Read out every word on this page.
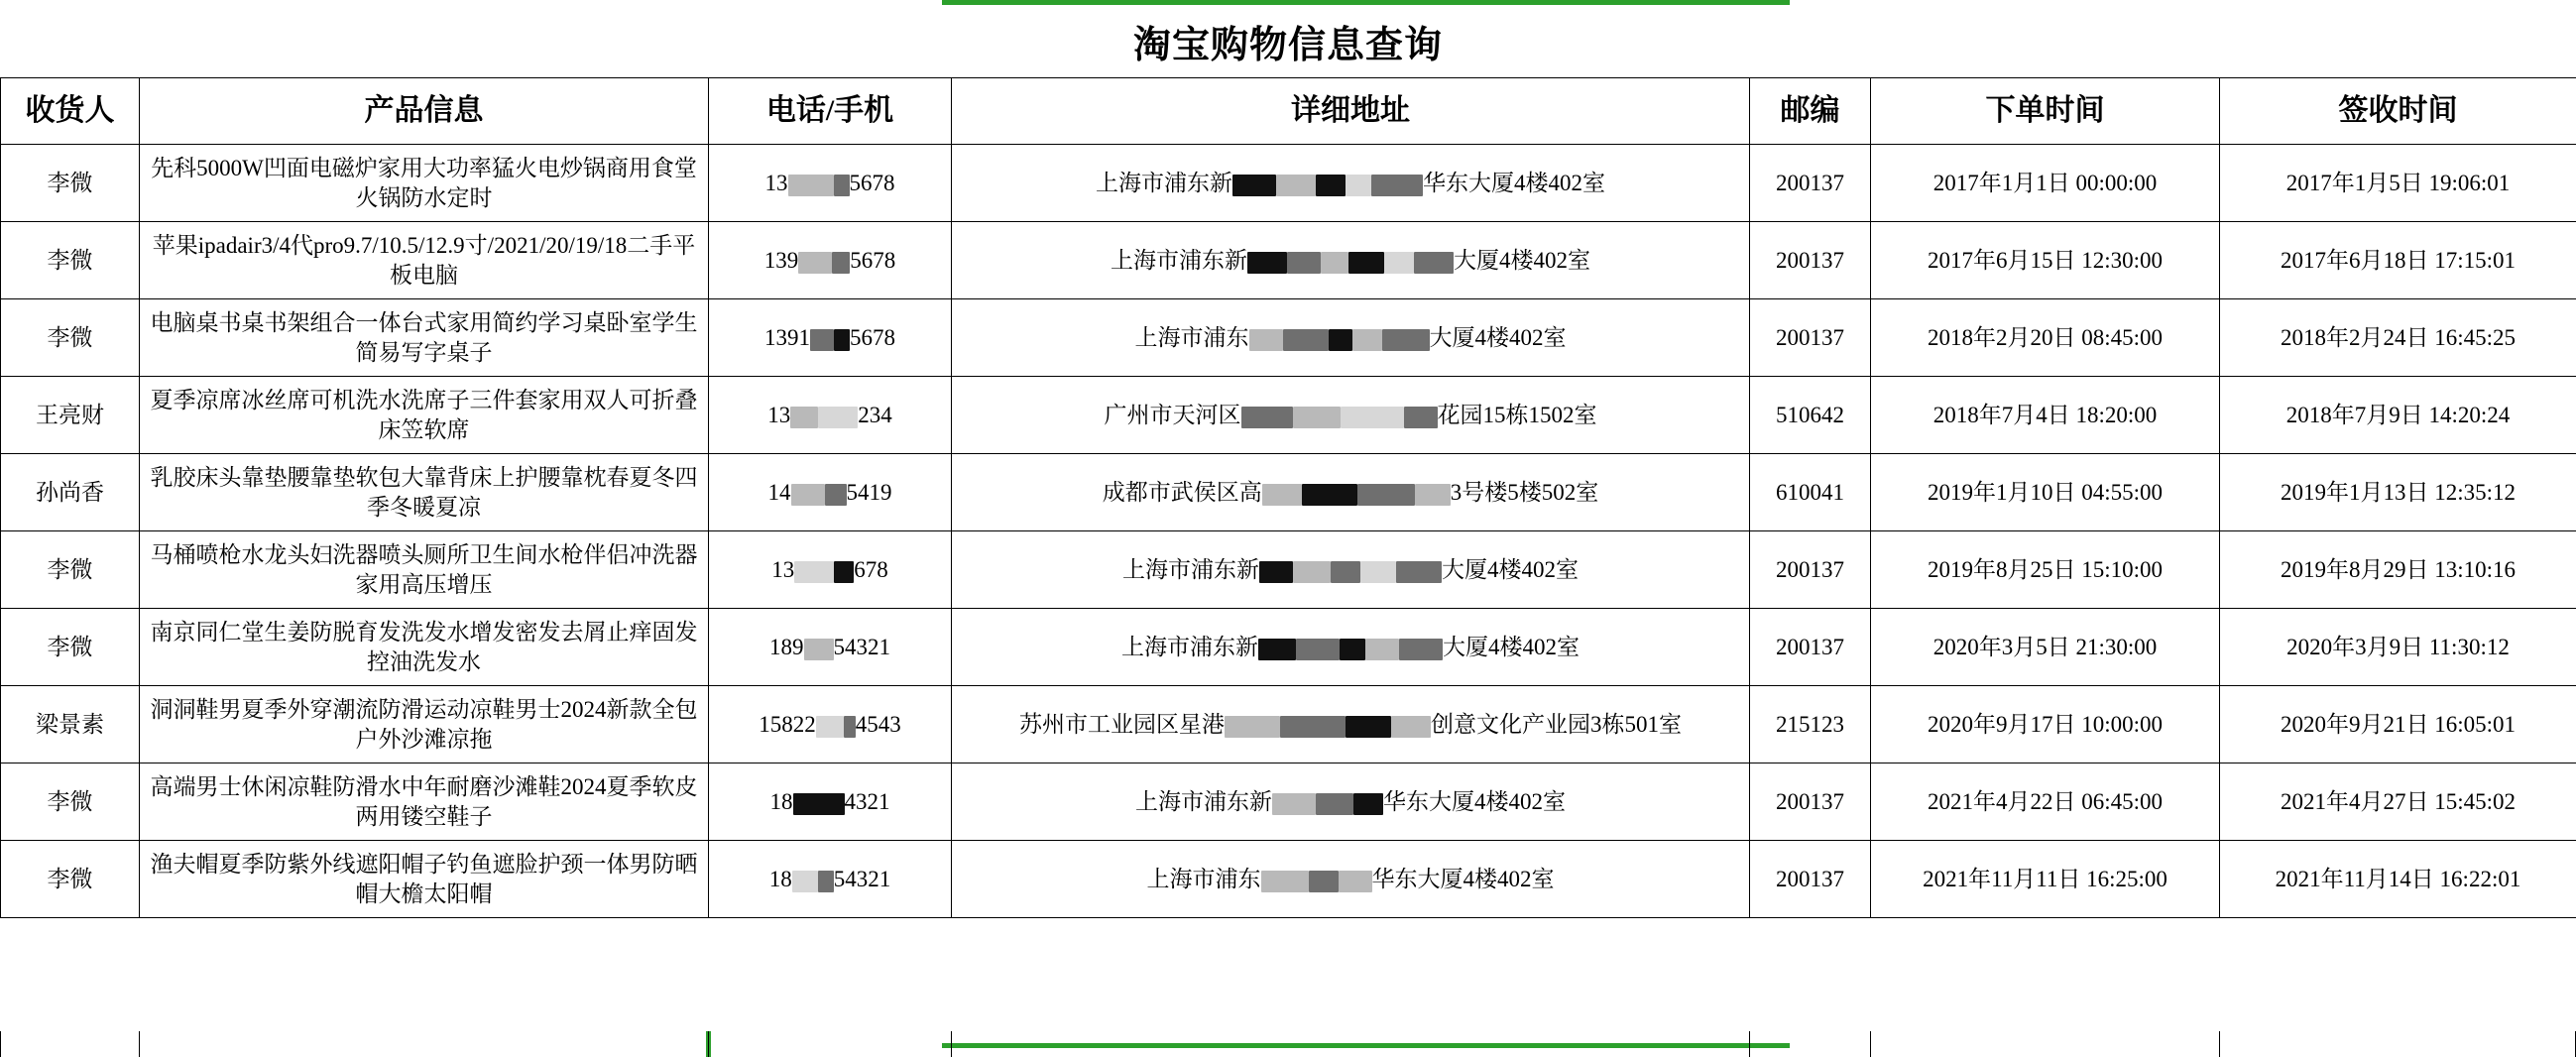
淘宝购物信息查询
收货人	产品信息	电话/手机	详细地址	邮编	下单时间	签收时间
李微	先科5000W凹面电磁炉家用大功率猛火电炒锅商用食堂火锅防水定时	13 5678	上海市浦东新 华东大厦4楼402室	200137	2017年1月1日 00:00:00	2017年1月5日 19:06:01
李微	苹果ipadair3/4代pro9.7/10.5/12.9寸/2021/20/19/18二手平板电脑	139 5678	上海市浦东新 大厦4楼402室	200137	2017年6月15日 12:30:00	2017年6月18日 17:15:01
李微	电脑桌书桌书架组合一体台式家用简约学习桌卧室学生简易写字桌子	1391 5678	上海市浦东 大厦4楼402室	200137	2018年2月20日 08:45:00	2018年2月24日 16:45:25
王亮财	夏季凉席冰丝席可机洗水洗席子三件套家用双人可折叠床笠软席	13 234	广州市天河区 花园15栋1502室	510642	2018年7月4日 18:20:00	2018年7月9日 14:20:24
孙尚香	乳胶床头靠垫腰靠垫软包大靠背床上护腰靠枕春夏冬四季冬暖夏凉	14 5419	成都市武侯区高 3号楼5楼502室	610041	2019年1月10日 04:55:00	2019年1月13日 12:35:12
李微	马桶喷枪水龙头妇洗器喷头厕所卫生间水枪伴侣冲洗器家用高压增压	13 678	上海市浦东新 大厦4楼402室	200137	2019年8月25日 15:10:00	2019年8月29日 13:10:16
李微	南京同仁堂生姜防脱育发洗发水增发密发去屑止痒固发控油洗发水	189 54321	上海市浦东新 大厦4楼402室	200137	2020年3月5日 21:30:00	2020年3月9日 11:30:12
梁景素	洞洞鞋男夏季外穿潮流防滑运动凉鞋男士2024新款全包户外沙滩凉拖	15822 4543	苏州市工业园区星港 创意文化产业园3栋501室	215123	2020年9月17日 10:00:00	2020年9月21日 16:05:01
李微	高端男士休闲凉鞋防滑水中年耐磨沙滩鞋2024夏季软皮两用镂空鞋子	18 4321	上海市浦东新 华东大厦4楼402室	200137	2021年4月22日 06:45:00	2021年4月27日 15:45:02
李微	渔夫帽夏季防紫外线遮阳帽子钓鱼遮脸护颈一体男防晒帽大檐太阳帽	18 54321	上海市浦东 华东大厦4楼402室	200137	2021年11月11日 16:25:00	2021年11月14日 16:22:01
